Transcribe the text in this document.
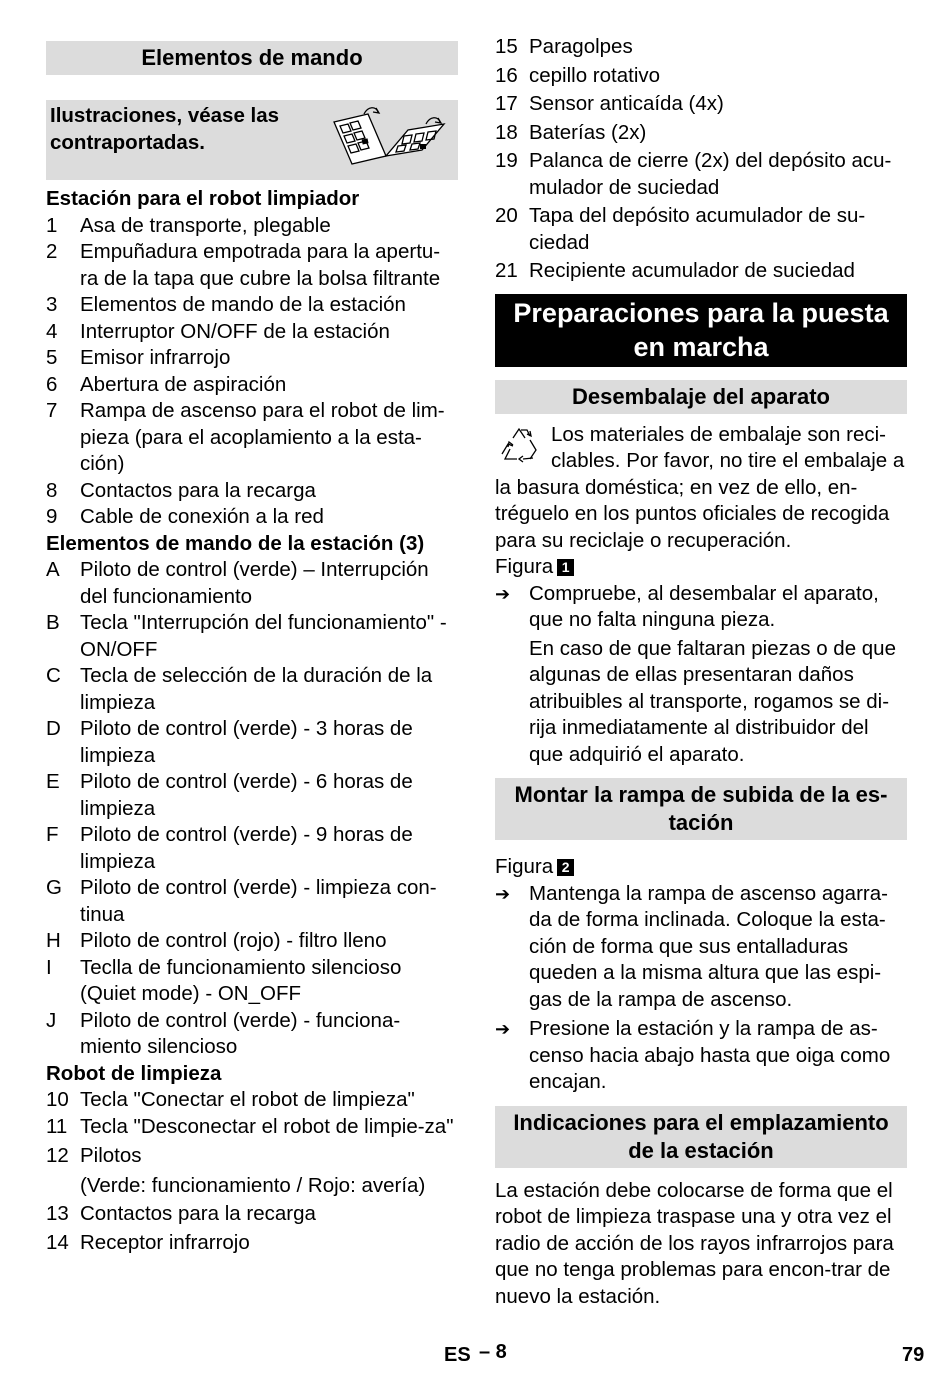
Elementos de mando
Ilustraciones, véase las contraportadas.
Estación para el robot limpiador
1	Asa de transporte, plegable
2	Empuñadura empotrada para la apertu-ra de la tapa que cubre la bolsa filtrante
3	Elementos de mando de la estación
4	Interruptor ON/OFF de la estación
5	Emisor infrarrojo
6	Abertura de aspiración
7	Rampa de ascenso para el robot de lim-pieza (para el acoplamiento a la esta-ción)
8	Contactos para la recarga
9	Cable de conexión a la red
Elementos de mando de la estación (3)
A Piloto de control (verde) – Interrupción del funcionamiento
B Tecla "Interrupción del funcionamiento" - ON/OFF
C Tecla de selección de la duración de la limpieza
D Piloto de control (verde) - 3 horas de limpieza
E Piloto de control (verde) - 6 horas de limpieza
F	Piloto de control (verde) - 9 horas de limpieza
G Piloto de control (verde) - limpieza con-tinua
H Piloto de control (rojo) - filtro lleno
I	Teclla de funcionamiento silencioso (Quiet mode) - ON_OFF
J	Piloto de control (verde) - funciona-miento silencioso
Robot de limpieza
10 Tecla "Conectar el robot de limpieza"
11 Tecla "Desconectar el robot de limpie-za"
12 Pilotos
(Verde: funcionamiento / Rojo: avería)
13 Contactos para la recarga
14 Receptor infrarrojo
15 Paragolpes
16 cepillo rotativo
17 Sensor anticaída (4x)
18 Baterías (2x)
19 Palanca de cierre (2x) del depósito acu-mulador de suciedad
20 Tapa del depósito acumulador de su-ciedad
21 Recipiente acumulador de suciedad
Preparaciones para la puesta en marcha
Desembalaje del aparato
Los materiales de embalaje son reci-clables. Por favor, no tire el embalaje a la basura doméstica; en vez de ello, en-tréguelo en los puntos oficiales de recogida para su reciclaje o recuperación.
Figura 1
➔ Compruebe, al desembalar el aparato, que no falta ninguna pieza.
En caso de que faltaran piezas o de que algunas de ellas presentaran daños atribuibles al transporte, rogamos se di-rija inmediatamente al distribuidor del que adquirió el aparato.
Montar la rampa de subida de la es-tación
Figura 2
➔ Mantenga la rampa de ascenso agarra-da de forma inclinada. Coloque la esta-ción de forma que sus entalladuras queden a la misma altura que las espi-gas de la rampa de ascenso.
➔ Presione la estación y la rampa de as-censo hacia abajo hasta que oiga como encajan.
Indicaciones para el emplazamiento de la estación
La estación debe colocarse de forma que el robot de limpieza traspase una y otra vez el radio de acción de los rayos infrarrojos para que no tenga problemas para encon-trar de nuevo la estación.
ES – 8	79
